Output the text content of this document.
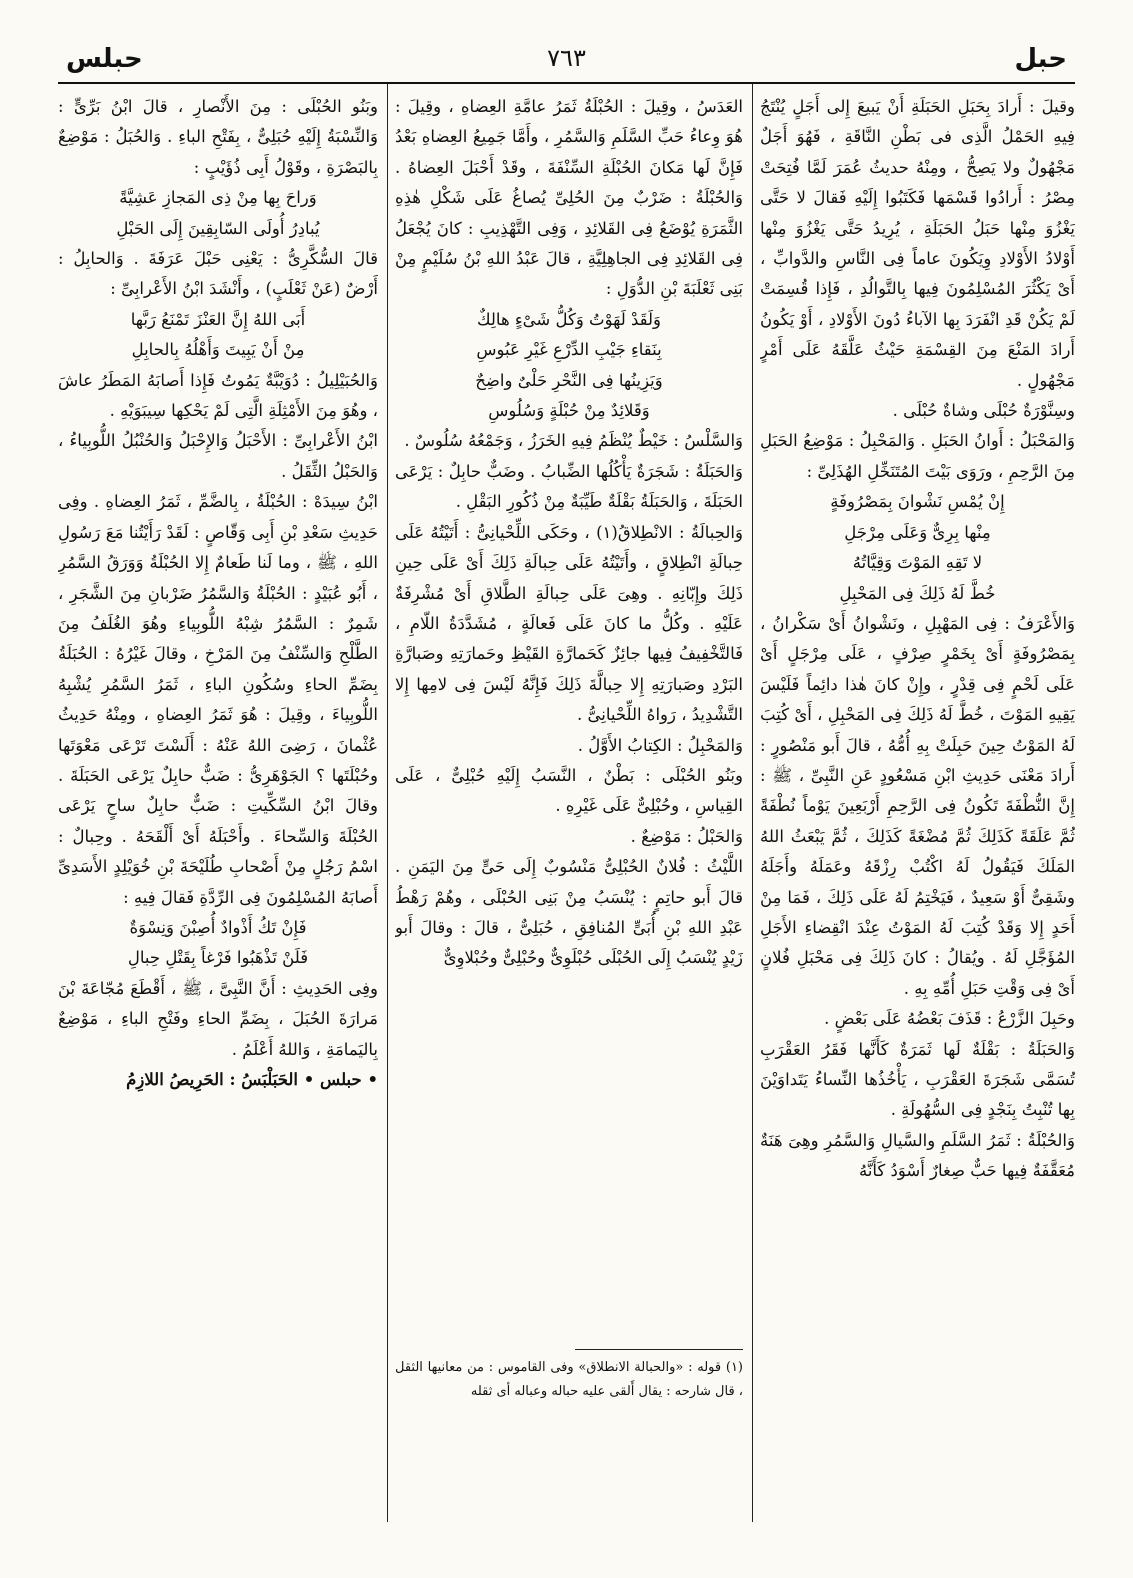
حبل
٧٦٣
حبلس

وقيلَ : أَرادَ بِحَبَلِ الحَبَلَةِ أَنْ يَبيعَ إِلى أَجَلٍ يُنْتَجُ فِيهِ الحَمْلُ الَّذِى فى بَطْنِ النَّاقَةِ ، فَهُوَ أَجَلٌ مَجْهُولٌ ولا يَصِحُّ ، ومِنْهُ حديثُ عُمَرَ لَمَّا فُتِحَتْ مِصْرُ : أَرادُوا قَسْمَها فَكَتَبُوا إِلَيْهِ فَقالَ لا حَتَّى يَغْزُوَ مِنْها حَبَلُ الحَبَلَةِ ، يُرِيدُ حَتَّى يَغْزُوَ مِنْها أَوْلادُ الأَوْلادِ وِيَكُونَ عاماً فِى النَّاسِ والدَّوابِّ ، أَىْ يَكْثُرَ المُسْلِمُونَ فِيها بِالتَّوالُدِ ، فَإِذا قُسِمَتْ لَمْ يَكُنْ قَدِ انْفَرَدَ بِها الآباءُ دُونَ الأَوْلادِ ، أَوْ يَكُونُ أَرادَ المَنْعَ مِنَ القِسْمَةِ حَيْثُ عَلَّقَهُ عَلَى أَمْرٍ مَجْهُولٍ .

وسِنَّوْرَةٌ حُبْلَى وشاةٌ حُبْلَى .

وَالمَحْبَلُ : أَوانُ الحَبَلِ . وَالمَحْبِلُ : مَوْضِعُ الحَبَلِ مِنَ الرَّحِمِ ، ورَوَى بَيْتَ المُتَنَخِّلِ الهُذَلِىِّ :

إِنْ يُمْسِ نَشْوانَ بِمَصْرُوفَةٍ

مِنْها بِرِىٌّ وَعَلَى مِرْجَلِ

لا تَقِهِ المَوْتَ وَقِيَّاتُهُ

خُطَّ لَهُ ذَلِكَ فِى المَحْبِلِ

وَالأَعْرَفُ : فِى المَهْبِلِ ، ونَشْوانُ أَىْ سَكْرانُ ، بِمَصْرُوفَةٍ أَىْ بِخَمْرٍ صِرْفٍ ، عَلَى مِرْجَلٍ أَىْ عَلَى لَحْمٍ فِى قِدْرٍ ، وإِنْ كانَ هٰذا دائِماً فَلَيْسَ يَقِيهِ المَوْتَ ، خُطَّ لَهُ ذَلِكَ فِى المَحْبِلِ ، أَىْ كُتِبَ لَهُ المَوْتُ حِينَ حَبِلَتْ بِهِ أُمُّهُ ، قالَ أَبو مَنْصُورٍ : أَرادَ مَعْنَى حَدِيثِ ابْنِ مَسْعُودٍ عَنِ النَّبِىِّ ، ﷺ : إِنَّ النُّطْفَةَ تَكُونُ فِى الرَّحِمِ أَرْبَعِينَ يَوْماً نُطْفَةً ثُمَّ عَلَقَةً كَذَلِكَ ثُمَّ مُضْغَةً كَذَلِكَ ، ثُمَّ يَبْعَثُ اللهُ المَلَكَ فَيَقُولُ لَهُ اكْتُبْ رِزْقَهُ وعَمَلَهُ وأَجَلَهُ وشَقِىٌّ أَوْ سَعِيدٌ ، فَيَخْتِمُ لَهُ عَلَى ذَلِكَ ، فَمَا مِنْ أَحَدٍ إِلا وَقَدْ كُتِبَ لَهُ المَوْتُ عِنْدَ انْقِضاءِ الأَجَلِ المُؤَجَّلِ لَهُ . ويُقالُ : كانَ ذَلِكَ فِى مَحْبَلِ فُلانٍ أَىْ فِى وَقْتِ حَبَلِ أُمِّهِ بِهِ .

وحَبِلَ الزَّرْعُ : قَذَفَ بَعْضُهُ عَلَى بَعْضٍ .

وَالحَبَلَةُ : بَقْلَةٌ لَها ثَمَرَةٌ كَأَنَّها فَقَرُ العَقْرَبِ تُسَمَّى شَجَرَةَ العَقْرَبِ ، يَأْخُذُها النِّساءُ يَتَداوَيْنَ بِها تُنْبِتُ بِنَجْدٍ فِى السُّهُولَةِ .

وَالحُبْلَةُ : ثَمَرُ السَّلَمِ والسَّيالِ وَالسَّمُرِ وهِىَ هَنَةٌ مُعَقَّفَةٌ فِيها حَبٌّ صِغارٌ أَسْوَدُ كَأَنَّهُ

العَدَسُ ، وقِيلَ : الحُبْلَةُ ثَمَرُ عامَّةِ العِضاهِ ، وقِيلَ : هُوَ وِعاءُ حَبِّ السَّلَمِ وَالسَّمُرِ ، وأَمَّا جَمِيعُ العِضاهِ بَعْدُ فَإِنَّ لَها مَكانَ الحُبْلَةِ السِّنْفَةَ ، وقَدْ أَحْبَلَ العِضاهُ . وَالحُبْلَةُ : ضَرْبٌ مِنَ الحُلِىِّ يُصاغُ عَلَى شَكْلِ هٰذِهِ الثَّمَرَةِ يُوْضَعُ فِى القَلائِدِ ، وَفِى التَّهْذِيبِ : كانَ يُجْعَلُ فِى القَلائِدِ فِى الجاهِلِيَّةِ ، قالَ عَبْدُ اللهِ بْنُ سُلَيْمٍ مِنْ بَنِى ثَعْلَبَةَ بْنِ الدُّوَلِ :

وَلَقَدْ لَهَوْتُ وَكُلُّ شَىْءٍ هالِكٌ

بِنَقاءِ جَيْبِ الدِّرْعِ غَيْرِ عَبُوسِ

وَيَزِينُها فِى النَّحْرِ حَلْىٌ واضِحٌ

وَقَلائِدٌ مِنْ حُبْلَةٍ وَسُلُوسِ

وَالسَّلْسُ : خَيْطٌ يُنْظَمُ فِيهِ الخَرَزُ ، وَجَمْعُهُ سُلُوسٌ .

وَالحَبَلَةُ : شَجَرَةٌ يَأْكُلُها الضِّبابُ . وضَبٌّ حابِلٌ : يَرْعَى الحَبَلَةَ ، وَالحَبَلَةُ بَقْلَةٌ طَيِّبَةٌ مِنْ ذُكُورِ البَقْلِ .

وَالحِبالَةُ : الانْطِلاقُ(١) ، وحَكَى اللِّحْيانِىُّ : أَتَيْتُهُ عَلَى حِبالَةِ انْطِلاقٍ ، وأَتَيْتُهُ عَلَى حِبالَةِ ذَلِكَ أَىْ عَلَى حِينِ ذَلِكَ وإِبّانِهِ . وهِىَ عَلَى حِبالَةِ الطَّلاقِ أَىْ مُشْرِفَةٌ عَلَيْهِ . وكُلُّ ما كانَ عَلَى فَعالَةٍ ، مُشَدَّدَةُ اللّامِ ، فَالتَّخْفِيفُ فِيها جائِزٌ كَحَمارَّةِ القَيْظِ وحَمارَتِهِ وصَبارَّةِ البَرْدِ وصَبارَتِهِ إِلا حِبالَّةَ ذَلِكَ فَإِنَّهُ لَيْسَ فِى لامِها إِلا التَّشْدِيدُ ، رَواهُ اللِّحْيانِىُّ .

وَالمَحْبِلُ : الكِتابُ الأَوَّلُ .

وبَنُو الحُبْلَى : بَطْنٌ ، النَّسَبُ إِلَيْهِ حُبْلِىٌّ ، عَلَى القِياسِ ، وحُبْلِىٌّ عَلَى غَيْرِهِ .

وَالحَبْلُ : مَوْضِعٌ .

اللَّيْثُ : فُلانٌ الحُبْلِىُّ مَنْسُوبٌ إِلَى حَىٍّ مِنَ اليَمَنِ . قالَ أَبو حاتِمٍ : يُنْسَبُ مِنْ بَنِى الحُبْلَى ، وهُمْ رَهْطُ عَبْدِ اللهِ بْنِ أُبَىٍّ المُنافِقِ ، حُبَلِىٌّ ، قالَ : وقالَ أَبو زَيْدٍ يُنْسَبُ إِلَى الحُبْلَى حُبْلَوِىٌّ وحُبْلِىٌّ وحُبْلاوِىٌّ

(١) قوله : «والحبالة الانطلاق» وفى القاموس : من معانيها الثقل ، قال شارحه : يقال أَلقى عليه حباله وعباله أى ثقله

وبَنُو الحُبْلَى : مِنَ الأَنْصارِ ، قالَ ابْنُ بَرِّىٍّ : وَالنِّسْبَةُ إِلَيْهِ حُبَلِىٌّ ، بِفَتْحِ الباءِ . وَالحُبَلُ : مَوْضِعٌ بِالبَصْرَةِ ، وقَوْلُ أَبِى ذُؤَيْبٍ :

وَراحَ بِها مِنْ ذِى المَجازِ عَشِيَّةً

يُبادِرُ أُولَى السّابِقِينَ إِلَى الحَبْلِ

قالَ السُّكَّرِىُّ : يَعْنِى حَبْلَ عَرَفَةَ . وَالحابِلُ : أَرْضٌ (عَنْ ثَعْلَبٍ) ، وأَنْشَدَ ابْنُ الأَعْرابِىِّ :

أَبَى اللهُ إِنَّ العَنْزَ تَمْنَعُ رَبَّها

مِنْ أَنْ يَبِيتَ وَأَهْلُهُ بِالحابِلِ

وَالحُبَيْلِيلُ : دُوَيْبَّةٌ يَمُوتُ فَإِذا أَصابَهُ المَطَرُ عاشَ ، وهُوَ مِنَ الأَمْثِلَةِ الَّتِى لَمْ يَحْكِها سِيبَوَيْهِ .

ابْنُ الأَعْرابِىِّ : الأَحْبَلُ وَالإِحْبَلُ وَالحُنْبُلُ اللُّوبِياءُ ، وَالحَبْلُ الثِّقَلُ .

ابْنُ سِيدَهْ : الحُبْلَةُ ، بِالضَّمِّ ، ثَمَرُ العِضاهِ . وفِى حَدِيثِ سَعْدِ بْنِ أَبِى وَقّاصٍ : لَقَدْ رَأَيْتُنا مَعَ رَسُولِ اللهِ ، ﷺ ، وما لَنا طَعامٌ إِلا الحُبْلَةُ وَوَرَقُ السَّمُرِ ، أَبُو عُبَيْدٍ : الحُبْلَةُ وَالسَّمُرُ ضَرْبانِ مِنَ الشَّجَرِ ، شَمِرٌ : السَّمُرُ شِبْهُ اللُّوبِياءِ وهُوَ الغُلَفُ مِنَ الطَّلْحِ وَالسِّنْفُ مِنَ المَرْخِ ، وقالَ غَيْرُهُ : الحُبَلَةُ بِضَمِّ الحاءِ وسُكُونِ الباءِ ، ثَمَرُ السَّمُرِ يُشْبِهُ اللُّوبِياءَ ، وقِيلَ : هُوَ ثَمَرُ العِضاهِ ، ومِنْهُ حَدِيثُ عُثْمانَ ، رَضِىَ اللهُ عَنْهُ : أَلَسْتَ تَرْعَى مَعْوَتَها وحُبْلَتَها ؟ الجَوْهَرِىُّ : ضَبٌّ حابِلٌ يَرْعَى الحَبَلَةَ . وقالَ ابْنُ السِّكِّيتِ : ضَبٌّ حابِلٌ ساحٍ يَرْعَى الحُبْلَةَ وَالسِّحاءَ . وأَحْبَلَهُ أَىْ أَلْقَحَهُ . وحِبالٌ : اسْمُ رَجُلٍ مِنْ أَصْحابِ طُلَيْحَةَ بْنِ خُوَيْلِدٍ الأَسَدِىِّ أَصابَهُ المُسْلِمُونَ فِى الرِّدَّةِ فَقالَ فِيهِ :

فَإِنْ تَكُ أَذْوادٌ أُصِبْنَ وَنِسْوَةٌ

فَلَنْ تَذْهَبُوا فَرْغاً بِقَتْلِ حِبالِ

وفِى الحَدِيثِ : أَنَّ النَّبِىَّ ، ﷺ ، أَقْطَعَ مُجّاعَةَ بْنَ مَرارَةَ الحُبَلَ ، بِضَمِّ الحاءِ وفَتْحِ الباءِ ، مَوْضِعٌ بِاليَمامَةِ ، وَاللهُ أَعْلَمُ .

• حبلس • الحَبَلْبَسُ : الحَرِيصُ اللازِمُ
